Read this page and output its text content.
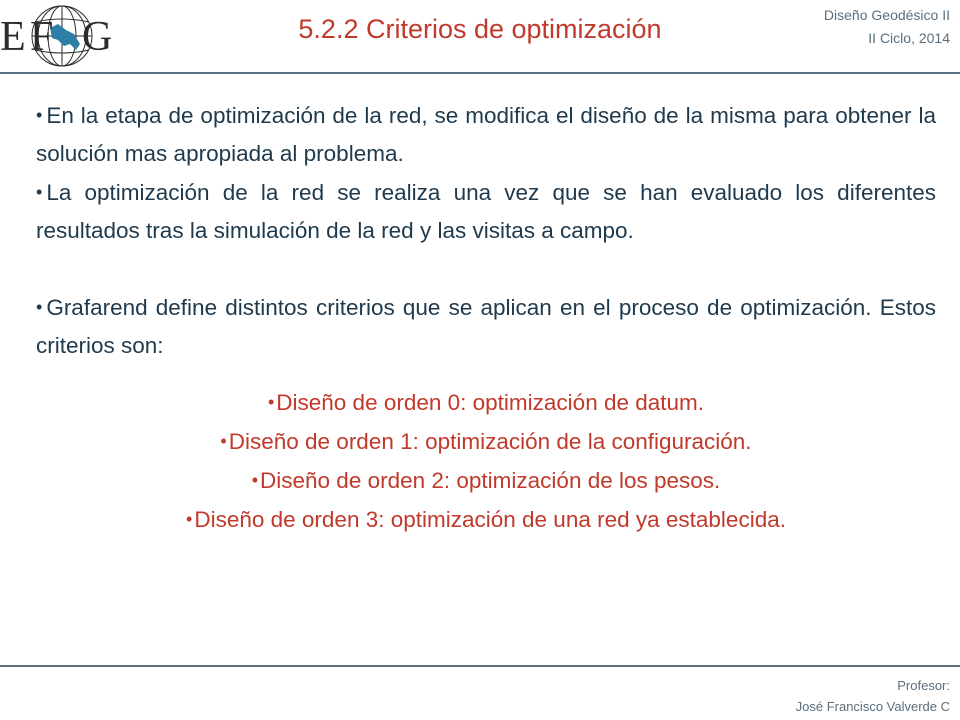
E F G	5.2.2 Criterios de optimización	Diseño Geodésico II
II Ciclo, 2014

• En la etapa de optimización de la red, se modifica el diseño de la misma para obtener la solución mas apropiada al problema.

• La optimización de la red se realiza una vez que se han evaluado los diferentes resultados tras la simulación de la red y las visitas a campo.

• Grafarend define distintos criterios que se aplican en el proceso de optimización. Estos criterios son:

•Diseño de orden 0: optimización de datum.
•Diseño de orden 1: optimización de la configuración.
•Diseño de orden 2: optimización de los pesos.
•Diseño de orden 3: optimización de una red ya establecida.
Profesor:
José Francisco Valverde C
